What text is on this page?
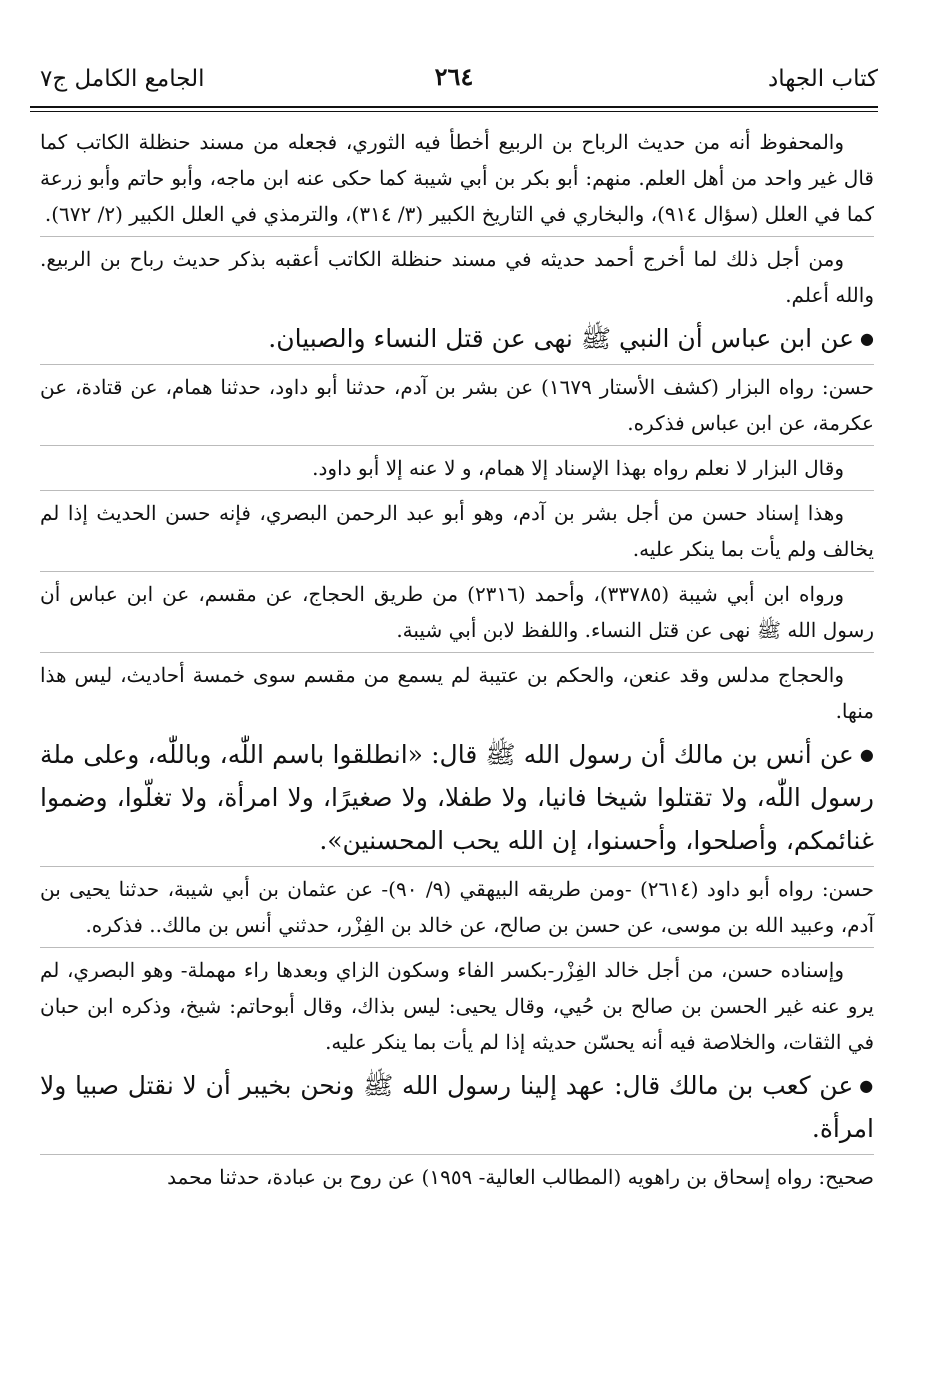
كتاب الجهاد
٢٦٤
الجامع الكامل ج٧

والمحفوظ أنه من حديث الرباح بن الربيع أخطأ فيه الثوري، فجعله من مسند حنظلة الكاتب كما قال غير واحد من أهل العلم. منهم: أبو بكر بن أبي شيبة كما حكى عنه ابن ماجه، وأبو حاتم وأبو زرعة كما في العلل (سؤال ٩١٤)، والبخاري في التاريخ الكبير (٣/ ٣١٤)، والترمذي في العلل الكبير (٢/ ٦٧٢).

ومن أجل ذلك لما أخرج أحمد حديثه في مسند حنظلة الكاتب أعقبه بذكر حديث رباح بن الربيع. والله أعلم.

●عن ابن عباس أن النبي ﷺ نهى عن قتل النساء والصبيان.

حسن: رواه البزار (كشف الأستار ١٦٧٩) عن بشر بن آدم، حدثنا أبو داود، حدثنا همام، عن قتادة، عن عكرمة، عن ابن عباس فذكره.

وقال البزار لا نعلم رواه بهذا الإسناد إلا همام، و لا عنه إلا أبو داود.

وهذا إسناد حسن من أجل بشر بن آدم، وهو أبو عبد الرحمن البصري، فإنه حسن الحديث إذا لم يخالف ولم يأت بما ينكر عليه.

ورواه ابن أبي شيبة (٣٣٧٨٥)، وأحمد (٢٣١٦) من طريق الحجاج، عن مقسم، عن ابن عباس أن رسول الله ﷺ نهى عن قتل النساء. واللفظ لابن أبي شيبة.

والحجاج مدلس وقد عنعن، والحكم بن عتيبة لم يسمع من مقسم سوى خمسة أحاديث، ليس هذا منها.

●عن أنس بن مالك أن رسول الله ﷺ قال: «انطلقوا باسم اللّٰه، وباللّٰه، وعلى ملة رسول اللّٰه، ولا تقتلوا شيخا فانيا، ولا طفلا، ولا صغيرًا، ولا امرأة، ولا تغلّوا، وضموا غنائمكم، وأصلحوا، وأحسنوا، إن الله يحب المحسنين».

حسن: رواه أبو داود (٢٦١٤) -ومن طريقه البيهقي (٩/ ٩٠)- عن عثمان بن أبي شيبة، حدثنا يحيى بن آدم، وعبيد الله بن موسى، عن حسن بن صالح، عن خالد بن الفِزْر، حدثني أنس بن مالك.. فذكره.

وإسناده حسن، من أجل خالد الفِزْر-بكسر الفاء وسكون الزاي وبعدها راء مهملة- وهو البصري، لم يرو عنه غير الحسن بن صالح بن حُيي، وقال يحيى: ليس بذاك، وقال أبوحاتم: شيخ، وذكره ابن حبان في الثقات، والخلاصة فيه أنه يحسّن حديثه إذا لم يأت بما ينكر عليه.

●عن كعب بن مالك قال: عهد إلينا رسول الله ﷺ ونحن بخيبر أن لا نقتل صبيا ولا امرأة.

صحيح: رواه إسحاق بن راهويه (المطالب العالية- ١٩٥٩) عن روح بن عبادة، حدثنا محمد
